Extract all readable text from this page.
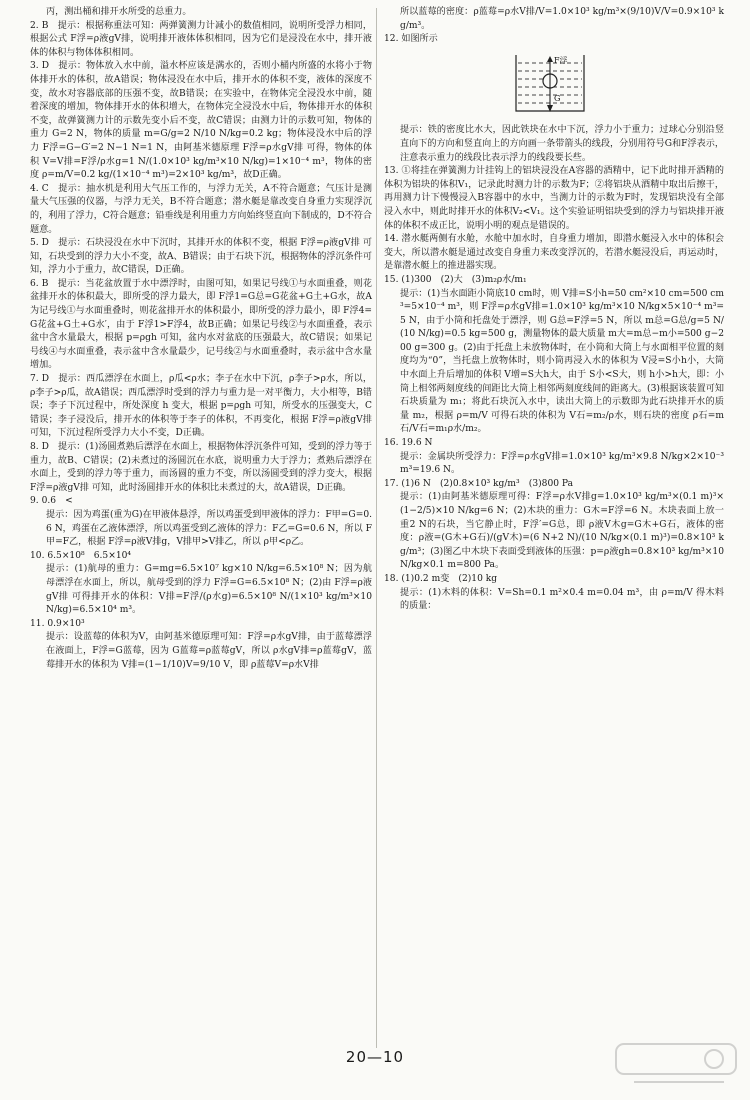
丙，测出桶和排开水所受的总重力。

2. B　提示：根据称重法可知：两弹簧测力计减小的数值相同，说明所受浮力相同，根据公式 F浮=ρ液gV排，说明排开液体体积相同，因为它们是浸没在水中，排开液体的体积与物体体积相同。

3. D　提示：物体放入水中前，溢水杯应该是满水的，否则小桶内所盛的水将小于物体排开水的体积，故A错误；物体浸没在水中后，排开水的体积不变，液体的深度不变，故水对容器底部的压强不变，故B错误；在实验中，在物体完全浸没水中前，随着深度的增加，物体排开水的体积增大，在物体完全浸没水中后，物体排开水的体积不变，故弹簧测力计的示数先变小后不变，故C错误；由测力计的示数可知，物体的重力 G=2 N，物体的质量 m=G/g=2 N/10 N/kg=0.2 kg；物体浸没水中后的浮力 F浮=G−G′=2 N−1 N=1 N，由阿基米德原理 F浮=ρ水gV排 可得，物体的体积 V=V排=F浮/ρ水g=1 N/(1.0×10³ kg/m³×10 N/kg)=1×10⁻⁴ m³，物体的密度 ρ=m/V=0.2 kg/(1×10⁻⁴ m³)=2×10³ kg/m³，故D正确。

4. C　提示：抽水机是利用大气压工作的，与浮力无关，A不符合题意；气压计是测量大气压强的仪器，与浮力无关，B不符合题意；潜水艇是靠改变自身重力实现浮沉的，利用了浮力，C符合题意；铅垂线是利用重力方向始终竖直向下制成的，D不符合题意。

5. D　提示：石块浸没在水中下沉时，其排开水的体积不变，根据 F浮=ρ液gV排 可知，石块受到的浮力大小不变，故A、B错误；由于石块下沉，根据物体的浮沉条件可知，浮力小于重力，故C错误，D正确。

6. B　提示：当花盆放置于水中漂浮时，由图可知，如果记号线①与水面重叠，则花盆排开水的体积最大，即所受的浮力最大，即 F浮1=G总=G花盆+G土+G水，故A为记号线①与水面重叠时，则花盆排开水的体积最小，即所受的浮力最小，即 F浮4=G花盆+G土+G水′，由于 F浮1>F浮4，故B正确；如果记号线②与水面重叠，表示盆中含水量最大，根据 p=ρgh 可知，盆内水对盆底的压强最大，故C错误；如果记号线④与水面重叠，表示盆中含水量最少，记号线②与水面重叠时，表示盆中含水量增加。

7. D　提示：西瓜漂浮在水面上，ρ瓜<ρ水；李子在水中下沉，ρ李子>ρ水，所以，ρ李子>ρ瓜，故A错误；西瓜漂浮时受到的浮力与重力是一对平衡力，大小相等，B错误；李子下沉过程中，所处深度 h 变大，根据 p=ρgh 可知，所受水的压强变大，C错误；李子浸没后，排开水的体积等于李子的体积，不再变化，根据 F浮=ρ液gV排 可知，下沉过程所受浮力大小不变，D正确。

8. D　提示：(1)汤圆煮熟后漂浮在水面上，根据物体浮沉条件可知，受到的浮力等于重力，故B、C错误；(2)未煮过的汤圆沉在水底，说明重力大于浮力；煮熟后漂浮在水面上，受到的浮力等于重力，而汤圆的重力不变，所以汤圆受到的浮力变大，根据 F浮=ρ液gV排 可知，此时汤圆排开水的体积比未煮过的大，故A错误，D正确。

9. 0.6　<

提示：因为鸡蛋(重为G)在甲液体悬浮，所以鸡蛋受到甲液体的浮力：F甲=G=0.6 N，鸡蛋在乙液体漂浮，所以鸡蛋受到乙液体的浮力：F乙=G=0.6 N，所以 F甲=F乙，根据 F浮=ρ液V排g，V排甲>V排乙，所以 ρ甲<ρ乙。

10. 6.5×10⁸　6.5×10⁴

提示：(1)航母的重力：G=mg=6.5×10⁷ kg×10 N/kg=6.5×10⁸ N；因为航母漂浮在水面上，所以，航母受到的浮力 F浮=G=6.5×10⁸ N；(2)由 F浮=ρ液gV排 可得排开水的体积：V排=F浮/(ρ水g)=6.5×10⁸ N/(1×10³ kg/m³×10 N/kg)=6.5×10⁴ m³。

11. 0.9×10³

提示：设蓝莓的体积为V，由阿基米德原理可知：F浮=ρ水gV排，由于蓝莓漂浮在液面上，F浮=G蓝莓，因为 G蓝莓=ρ蓝莓gV，所以 ρ水gV排=ρ蓝莓gV，蓝莓排开水的体积为 V排=(1−1/10)V=9/10 V，即 ρ蓝莓V=ρ水V排

所以蓝莓的密度：ρ蓝莓=ρ水V排/V=1.0×10³ kg/m³×(9/10)V/V=0.9×10³ kg/m³。

12. 如图所示

F浮
G

提示：铁的密度比水大，因此铁块在水中下沉，浮力小于重力；过球心分别沿竖直向下的方向和竖直向上的方向画一条带箭头的线段，分别用符号G和F浮表示，注意表示重力的线段比表示浮力的线段要长些。

13. ①将挂在弹簧测力计挂钩上的铝块浸没在A容器的酒精中，记下此时排开酒精的体积为铝块的体积V₁，记录此时测力计的示数为F；②将铝块从酒精中取出后擦干，再用测力计下慢慢浸入B容器中的水中，当测力计的示数为F时，发现铝块没有全部浸入水中，则此时排开水的体积V₂<V₁。这个实验证明铝块受到的浮力与铝块排开液体的体积不成正比，说明小明的观点是错误的。

14. 潜水艇两侧有水舱，水舱中加水时，自身重力增加，即潜水艇浸入水中的体积会变大，所以潜水艇是通过改变自身重力来改变浮沉的，若潜水艇浸没后，再运动时，是靠潜水艇上的推进器实现。

15. (1)300　(2)大　(3)m₂ρ水/m₁

提示：(1)当水面距小筒底10 cm时，则 V排=S小h=50 cm²×10 cm=500 cm³=5×10⁻⁴ m³，则 F浮=ρ水gV排=1.0×10³ kg/m³×10 N/kg×5×10⁻⁴ m³=5 N，由于小筒和托盘处于漂浮，则 G总=F浮=5 N，所以 m总=G总/g=5 N/(10 N/kg)=0.5 kg=500 g，测量物体的最大质量 m大=m总−m小=500 g−200 g=300 g。(2)由于托盘上未放物体时，在小筒和大筒上与水面相平位置的刻度均为“0”，当托盘上放物体时，则小筒再浸入水的体积为 V浸=S小h小，大筒中水面上升后增加的体积 V增=S大h大，由于 S小<S大，则 h小>h大，即：小筒上相邻两刻度线的间距比大筒上相邻两刻度线间的距离大。(3)根据该装置可知石块质量为 m₁；将此石块沉入水中，读出大筒上的示数即为此石块排开水的质量 m₂，根据 ρ=m/V 可得石块的体积为 V石=m₂/ρ水，则石块的密度 ρ石=m石/V石=m₁ρ水/m₂。

16. 19.6 N

提示：金属块所受浮力：F浮=ρ水gV排=1.0×10³ kg/m³×9.8 N/kg×2×10⁻³ m³=19.6 N。

17. (1)6 N　(2)0.8×10³ kg/m³　(3)800 Pa

提示：(1)由阿基米德原理可得：F浮=ρ水V排g=1.0×10³ kg/m³×(0.1 m)³×(1−2/5)×10 N/kg=6 N；(2)木块的重力：G木=F浮=6 N。木块表面上放一重2 N的石块，当它静止时，F浮′=G总，即 ρ液V木g=G木+G石，液体的密度：ρ液=(G木+G石)/(gV木)=(6 N+2 N)/(10 N/kg×(0.1 m)³)=0.8×10³ kg/m³；(3)图乙中木块下表面受到液体的压强：p=ρ液gh=0.8×10³ kg/m³×10 N/kg×0.1 m=800 Pa。

18. (1)0.2 m变　(2)10 kg

提示：(1)木料的体积：V=Sh=0.1 m²×0.4 m=0.04 m³，由 ρ=m/V 得木料的质量：

20—10
